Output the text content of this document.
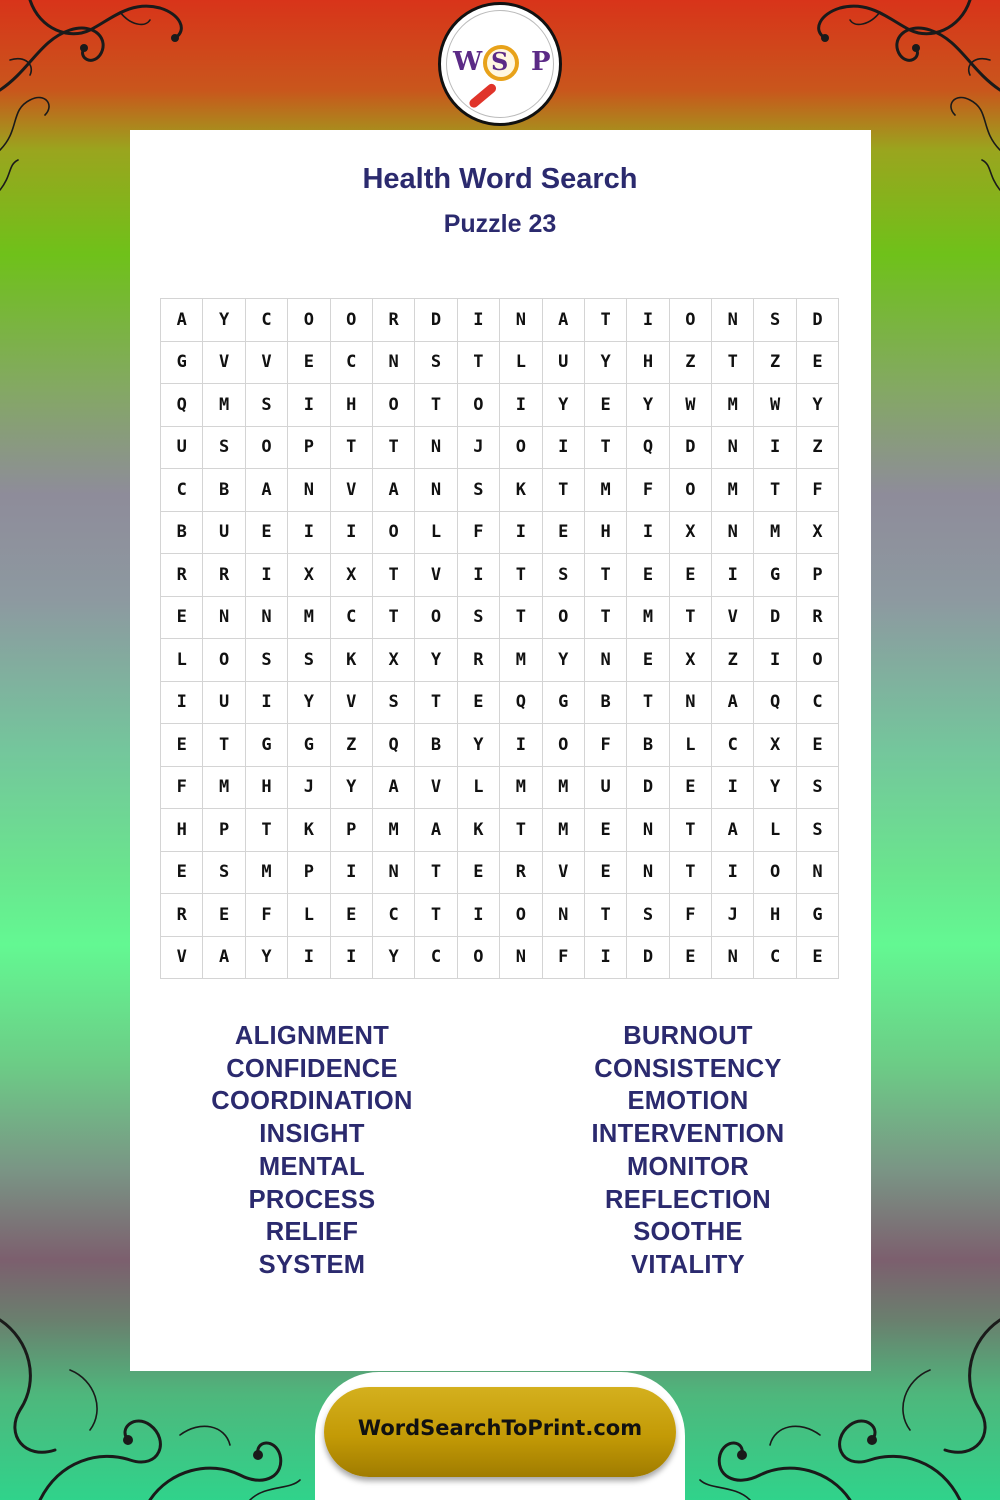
W S P
Health Word Search
Puzzle 23
A	Y	C	O	O	R	D	I	N	A	T	I	O	N	S	D
G	V	V	E	C	N	S	T	L	U	Y	H	Z	T	Z	E
Q	M	S	I	H	O	T	O	I	Y	E	Y	W	M	W	Y
U	S	O	P	T	T	N	J	O	I	T	Q	D	N	I	Z
C	B	A	N	V	A	N	S	K	T	M	F	O	M	T	F
B	U	E	I	I	O	L	F	I	E	H	I	X	N	M	X
R	R	I	X	X	T	V	I	T	S	T	E	E	I	G	P
E	N	N	M	C	T	O	S	T	O	T	M	T	V	D	R
L	O	S	S	K	X	Y	R	M	Y	N	E	X	Z	I	O
I	U	I	Y	V	S	T	E	Q	G	B	T	N	A	Q	C
E	T	G	G	Z	Q	B	Y	I	O	F	B	L	C	X	E
F	M	H	J	Y	A	V	L	M	M	U	D	E	I	Y	S
H	P	T	K	P	M	A	K	T	M	E	N	T	A	L	S
E	S	M	P	I	N	T	E	R	V	E	N	T	I	O	N
R	E	F	L	E	C	T	I	O	N	T	S	F	J	H	G
V	A	Y	I	I	Y	C	O	N	F	I	D	E	N	C	E
ALIGNMENT
CONFIDENCE
COORDINATION
INSIGHT
MENTAL
PROCESS
RELIEF
SYSTEM
BURNOUT
CONSISTENCY
EMOTION
INTERVENTION
MONITOR
REFLECTION
SOOTHE
VITALITY
WordSearchToPrint.com
